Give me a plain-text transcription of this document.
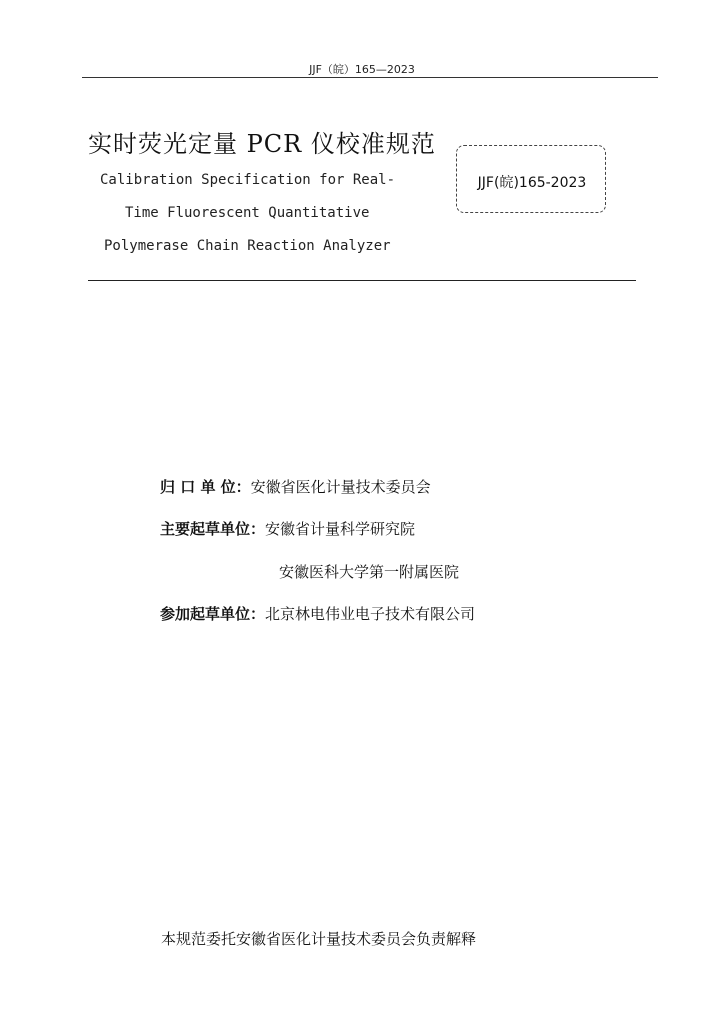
JJF（皖）165—2023
实时荧光定量 PCR 仪校准规范
Calibration Specification for Real-
Time Fluorescent Quantitative
Polymerase Chain Reaction Analyzer
JJF(皖)165-2023
归 口 单 位：安徽省医化计量技术委员会
主要起草单位：安徽省计量科学研究院
安徽医科大学第一附属医院
参加起草单位：北京林电伟业电子技术有限公司
本规范委托安徽省医化计量技术委员会负责解释
